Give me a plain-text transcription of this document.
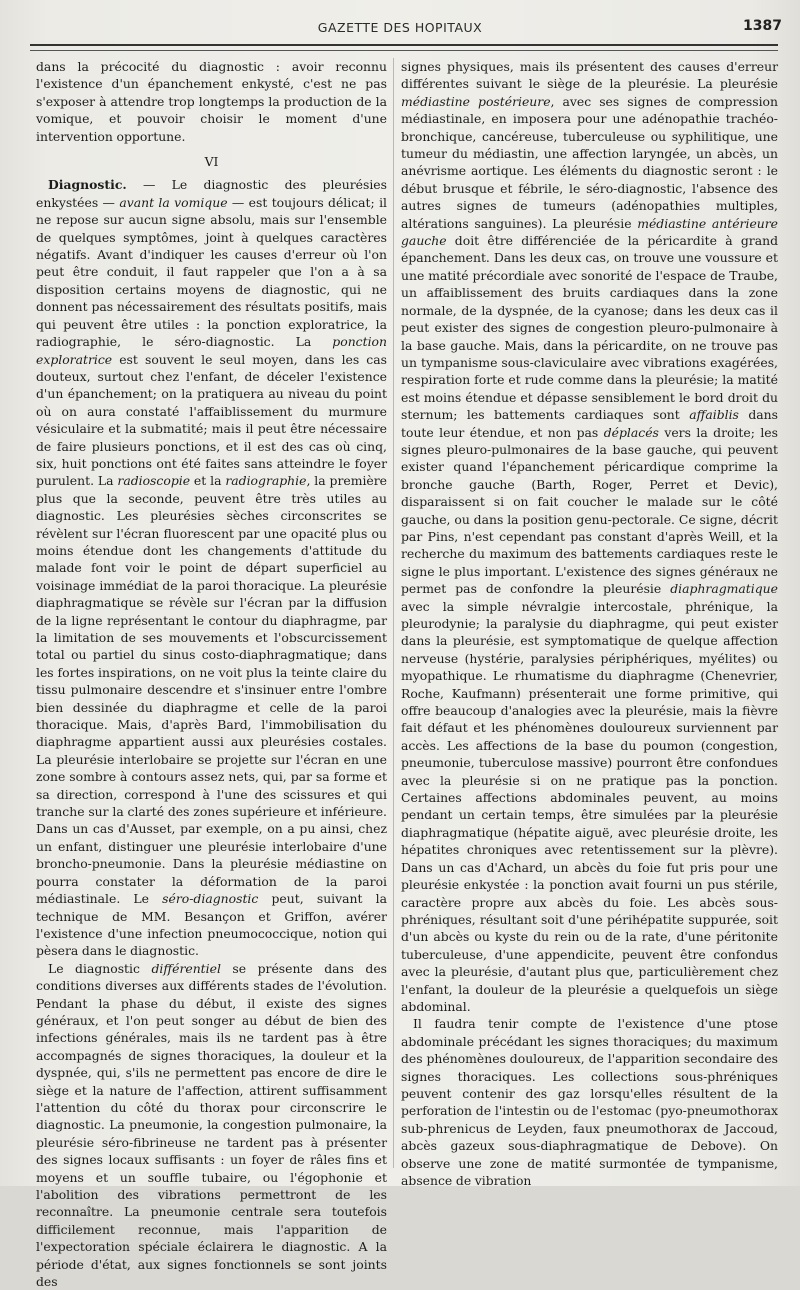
GAZETTE DES HOPITAUX	1387

dans la précocité du diagnostic : avoir reconnu l'existence d'un épanchement enkysté, c'est ne pas s'exposer à attendre trop longtemps la production de la vomique, et pouvoir choisir le moment d'une intervention opportune.

VI

Diagnostic. — Le diagnostic des pleurésies enkystées — avant la vomique — est toujours délicat; il ne repose sur aucun signe absolu, mais sur l'ensemble de quelques symptômes, joint à quelques caractères négatifs. Avant d'indiquer les causes d'erreur où l'on peut être conduit, il faut rappeler que l'on a à sa disposition certains moyens de diagnostic, qui ne donnent pas nécessairement des résultats positifs, mais qui peuvent être utiles : la ponction exploratrice, la radiographie, le séro-diagnostic. La ponction exploratrice est souvent le seul moyen, dans les cas douteux, surtout chez l'enfant, de déceler l'existence d'un épanchement; on la pratiquera au niveau du point où on aura constaté l'affaiblissement du murmure vésiculaire et la submatité; mais il peut être nécessaire de faire plusieurs ponctions, et il est des cas où cinq, six, huit ponctions ont été faites sans atteindre le foyer purulent. La radioscopie et la radiographie, la première plus que la seconde, peuvent être très utiles au diagnostic. Les pleurésies sèches circonscrites se révèlent sur l'écran fluorescent par une opacité plus ou moins étendue dont les changements d'attitude du malade font voir le point de départ superficiel au voisinage immédiat de la paroi thoracique. La pleurésie diaphragmatique se révèle sur l'écran par la diffusion de la ligne représentant le contour du diaphragme, par la limitation de ses mouvements et l'obscurcissement total ou partiel du sinus costo-diaphragmatique; dans les fortes inspirations, on ne voit plus la teinte claire du tissu pulmonaire descendre et s'insinuer entre l'ombre bien dessinée du diaphragme et celle de la paroi thoracique. Mais, d'après Bard, l'immobilisation du diaphragme appartient aussi aux pleurésies costales. La pleurésie interlobaire se projette sur l'écran en une zone sombre à contours assez nets, qui, par sa forme et sa direction, correspond à l'une des scissures et qui tranche sur la clarté des zones supérieure et inférieure. Dans un cas d'Ausset, par exemple, on a pu ainsi, chez un enfant, distinguer une pleurésie interlobaire d'une broncho-pneumonie. Dans la pleurésie médiastine on pourra constater la déformation de la paroi médiastinale. Le séro-diagnostic peut, suivant la technique de MM. Besançon et Griffon, avérer l'existence d'une infection pneumococcique, notion qui pèsera dans le diagnostic.

Le diagnostic différentiel se présente dans des conditions diverses aux différents stades de l'évolution. Pendant la phase du début, il existe des signes généraux, et l'on peut songer au début de bien des infections générales, mais ils ne tardent pas à être accompagnés de signes thoraciques, la douleur et la dyspnée, qui, s'ils ne permettent pas encore de dire le siège et la nature de l'affection, attirent suffisamment l'attention du côté du thorax pour circonscrire le diagnostic. La pneumonie, la congestion pulmonaire, la pleurésie séro-fibrineuse ne tardent pas à présenter des signes locaux suffisants : un foyer de râles fins et moyens et un souffle tubaire, ou l'égophonie et l'abolition des vibrations permettront de les reconnaître. La pneumonie centrale sera toutefois difficilement reconnue, mais l'apparition de l'expectoration spéciale éclairera le diagnostic. A la période d'état, aux signes fonctionnels se sont joints des

signes physiques, mais ils présentent des causes d'erreur différentes suivant le siège de la pleurésie. La pleurésie médiastine postérieure, avec ses signes de compression médiastinale, en imposera pour une adénopathie trachéo-bronchique, cancéreuse, tuberculeuse ou syphilitique, une tumeur du médiastin, une affection laryngée, un abcès, un anévrisme aortique. Les éléments du diagnostic seront : le début brusque et fébrile, le séro-diagnostic, l'absence des autres signes de tumeurs (adénopathies multiples, altérations sanguines). La pleurésie médiastine antérieure gauche doit être différenciée de la péricardite à grand épanchement. Dans les deux cas, on trouve une voussure et une matité précordiale avec sonorité de l'espace de Traube, un affaiblissement des bruits cardiaques dans la zone normale, de la dyspnée, de la cyanose; dans les deux cas il peut exister des signes de congestion pleuro-pulmonaire à la base gauche. Mais, dans la péricardite, on ne trouve pas un tympanisme sous-claviculaire avec vibrations exagérées, respiration forte et rude comme dans la pleurésie; la matité est moins étendue et dépasse sensiblement le bord droit du sternum; les battements cardiaques sont affaiblis dans toute leur étendue, et non pas déplacés vers la droite; les signes pleuro-pulmonaires de la base gauche, qui peuvent exister quand l'épanchement péricardique comprime la bronche gauche (Barth, Roger, Perret et Devic), disparaissent si on fait coucher le malade sur le côté gauche, ou dans la position genu-pectorale. Ce signe, décrit par Pins, n'est cependant pas constant d'après Weill, et la recherche du maximum des battements cardiaques reste le signe le plus important. L'existence des signes généraux ne permet pas de confondre la pleurésie diaphragmatique avec la simple névralgie intercostale, phrénique, la pleurodynie; la paralysie du diaphragme, qui peut exister dans la pleurésie, est symptomatique de quelque affection nerveuse (hystérie, paralysies périphériques, myélites) ou myopathique. Le rhumatisme du diaphragme (Chenevrier, Roche, Kaufmann) présenterait une forme primitive, qui offre beaucoup d'analogies avec la pleurésie, mais la fièvre fait défaut et les phénomènes douloureux surviennent par accès. Les affections de la base du poumon (congestion, pneumonie, tuberculose massive) pourront être confondues avec la pleurésie si on ne pratique pas la ponction. Certaines affections abdominales peuvent, au moins pendant un certain temps, être simulées par la pleurésie diaphragmatique (hépatite aiguë, avec pleurésie droite, les hépatites chroniques avec retentissement sur la plèvre). Dans un cas d'Achard, un abcès du foie fut pris pour une pleurésie enkystée : la ponction avait fourni un pus stérile, caractère propre aux abcès du foie. Les abcès sous-phréniques, résultant soit d'une périhépatite suppurée, soit d'un abcès ou kyste du rein ou de la rate, d'une péritonite tuberculeuse, d'une appendicite, peuvent être confondus avec la pleurésie, d'autant plus que, particulièrement chez l'enfant, la douleur de la pleurésie a quelquefois un siège abdominal.

Il faudra tenir compte de l'existence d'une ptose abdominale précédant les signes thoraciques; du maximum des phénomènes douloureux, de l'apparition secondaire des signes thoraciques. Les collections sous-phréniques peuvent contenir des gaz lorsqu'elles résultent de la perforation de l'intestin ou de l'estomac (pyo-pneumothorax sub-phrenicus de Leyden, faux pneumothorax de Jaccoud, abcès gazeux sous-diaphragmatique de Debove). On observe une zone de matité surmontée de tympanisme, absence de vibration
